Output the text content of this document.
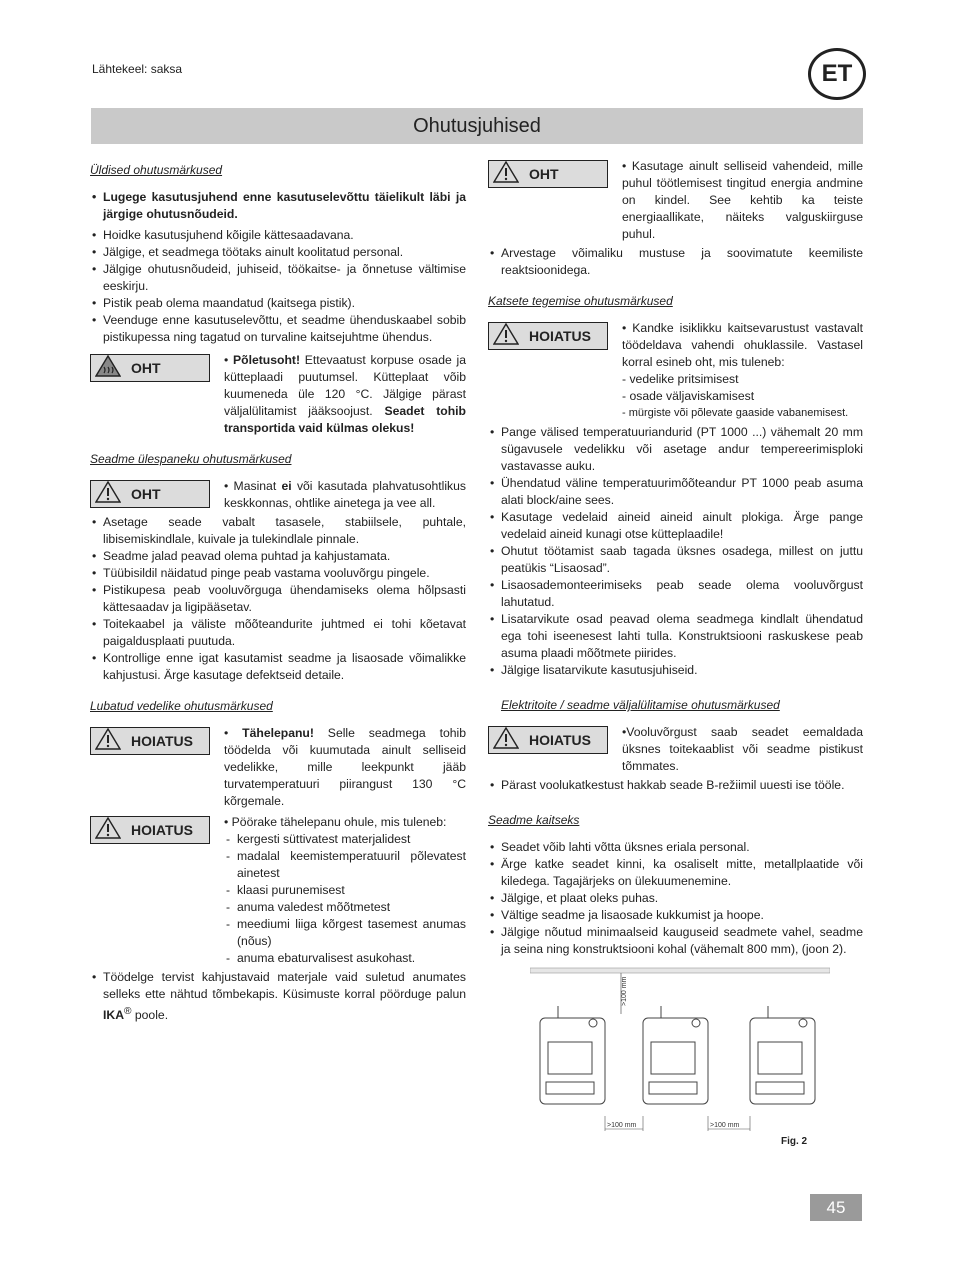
Lähtekeel: saksa	ET
Ohutusjuhised
Üldised ohutusmärkused
• Lugege kasutusjuhend enne kasutuselevõttu täielikult läbi ja järgige ohutusnõudeid.
• Hoidke kasutusjuhend kõigile kättesaadavana.
• Jälgige, et seadmega töötaks ainult koolitatud personal.
• Jälgige ohutusnõudeid, juhiseid, töökaitse- ja õnnetuse vältimise eeskirju.
• Pistik peab olema maandatud (kaitsega pistik).
• Veenduge enne kasutuselevõttu, et seadme ühenduskaabel sobib pistikupessa ning tagatud on turvaline kaitsejuhtme ühendus.
OHT	• Põletusoht! Ettevaatust korpuse osade ja kütteplaadi puutumsel. Kütteplaat võib kuumeneda üle 120 °C. Jälgige pärast väljalülitamist jääksoojust. Seadet tohib transportida vaid külmas olekus!
Seadme ülespaneku ohutusmärkused
OHT	• Masinat ei või kasutada plahvatusohtlikus keskkonnas, ohtlike ainetega ja vee all.
• Asetage seade vabalt tasasele, stabiilsele, puhtale, libisemiskindlale, kuivale ja tulekindlale pinnale.
• Seadme jalad peavad olema puhtad ja kahjustamata.
• Tüübisildil näidatud pinge peab vastama vooluvõrgu pingele.
• Pistikupesa peab vooluvõrguga ühendamiseks olema hõlpsasti kättesaadav ja ligipääsetav.
• Toitekaabel ja väliste mõõteandurite juhtmed ei tohi kõetavat paigaldusplaati puutuda.
• Kontrollige enne igat kasutamist seadme ja lisaosade võimalikke kahjustusi. Ärge kasutage defektseid detaile.
Lubatud vedelike ohutusmärkused
HOIATUS	• Tähelepanu! Selle seadmega tohib töödelda või kuumutada ainult selliseid vedelikke, mille leekpunkt jääb turvatemperatuuri piirangust 130 °C kõrgemale.
HOIATUS	• Pöörake tähelepanu ohule, mis tuleneb:
- kergesti süttivatest materjalidest
- madalal keemistemperatuuril põlevatest ainetest
- klaasi purunemisest
- anuma valedest mõõtmetest
- meediumi liiga kõrgest tasemest anumas (nõus)
- anuma ebaturvalisest asukohast.
• Töödelge tervist kahjustavaid materjale vaid suletud anumates selleks ette nähtud tõmbekapis. Küsimuste korral pöörduge palun IKA® poole.
OHT	• Kasutage ainult selliseid vahendeid, mille puhul töötlemisest tingitud energia andmine on kindel. See kehtib ka teiste energiaallikate, näiteks valguskiirguse puhul.
• Arvestage võimaliku mustuse ja soovimatute keemiliste reaktsioonidega.
Katsete tegemise ohutusmärkused
HOIATUS	• Kandke isiklikku kaitsevarustust vastavalt töödeldava vahendi ohuklassile. Vastasel korral esineb oht, mis tuleneb:
- vedelike pritsimisest
- osade väljaviskamisest
- mürgiste või põlevate gaaside vabanemisest.
• Pange välised temperatuuriandurid (PT 1000 ...) vähemalt 20 mm sügavusele vedelikku või asetage andur tempereerimisploki vastavasse auku.
• Ühendatud väline temperatuurimõõteandur PT 1000 peab asuma alati block/aine sees.
• Kasutage vedelaid aineid aineid ainult plokiga. Ärge pange vedelaid aineid kunagi otse kütteplaadile!
• Ohutut töötamist saab tagada üksnes osadega, millest on juttu peatükis “Lisaosad”.
• Lisaosademonteerimiseks peab seade olema vooluvõrgust lahutatud.
• Lisatarvikute osad peavad olema seadmega kindlalt ühendatud ega tohi iseenesest lahti tulla. Konstruktsiooni raskuskese peab asuma plaadi mõõtmete piirides.
• Jälgige lisatarvikute kasutusjuhiseid.
Elektritoite / seadme väljalülitamise ohutusmärkused
HOIATUS	•Vooluvõrgust saab seadet eemaldada üksnes toitekaablist või seadme pistikust tõmmates.
• Pärast voolukatkestust hakkab seade B-režiimil uuesti ise tööle.
Seadme kaitseks
• Seadet võib lahti võtta üksnes eriala personal.
• Ärge katke seadet kinni, ka osaliselt mitte, metallplaatide või kiledega. Tagajärjeks on ülekuumenemine.
• Jälgige, et plaat oleks puhas.
• Vältige seadme ja lisaosade kukkumist ja hoope.
• Jälgige nõutud minimaalseid kauguseid seadmete vahel, seadme ja seina ning konstruktsiooni kohal (vähemalt 800 mm), (joon 2).
>100 mm
>100 mm	>100 mm
Fig. 2
45
